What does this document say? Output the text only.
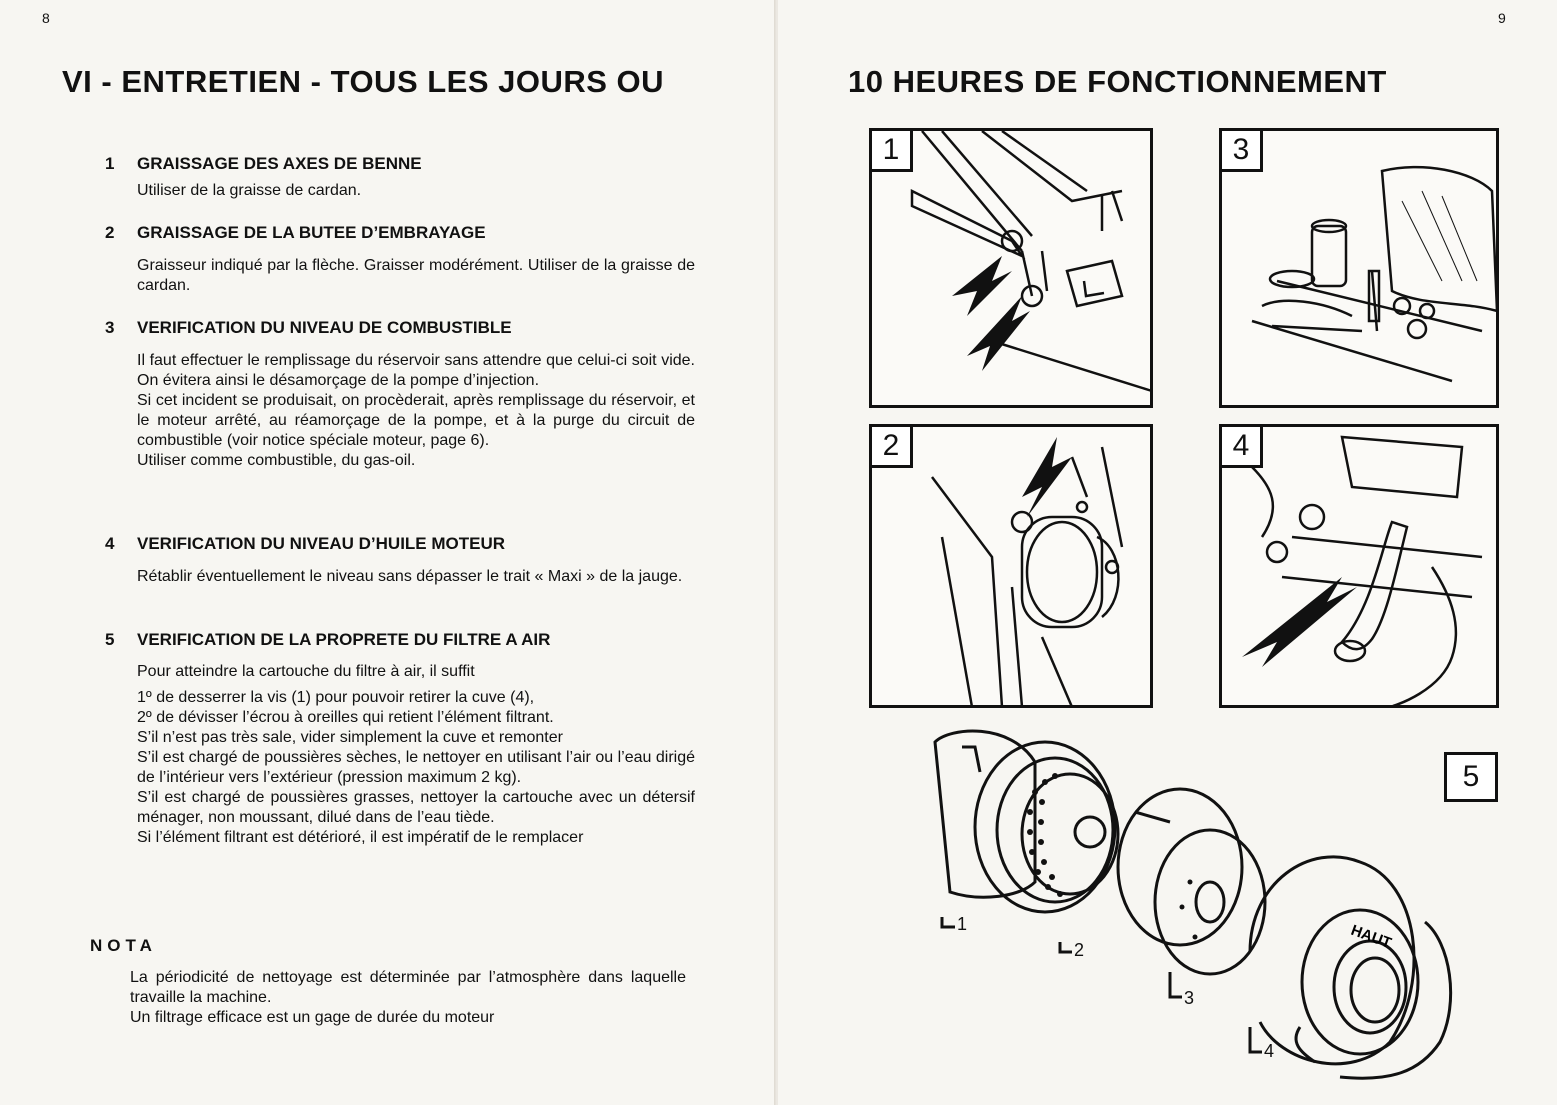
8
VI - ENTRETIEN - TOUS LES JOURS OU
1 GRAISSAGE DES AXES DE BENNE

Utiliser de la graisse de cardan.

2 GRAISSAGE DE LA BUTEE D’EMBRAYAGE

Graisseur indiqué par la flèche. Graisser modérément. Utiliser de la graisse de cardan.

3 VERIFICATION DU NIVEAU DE COMBUSTIBLE

Il faut effectuer le remplissage du réservoir sans attendre que celui-ci soit vide. On évitera ainsi le désamorçage de la pompe d’injection.

Si cet incident se produisait, on procèderait, après remplissage du réservoir, et le moteur arrêté, au réamorçage de la pompe, et à la purge du circuit de combustible (voir notice spéciale moteur, page 6).

Utiliser comme combustible, du gas-oil.

4 VERIFICATION DU NIVEAU D’HUILE MOTEUR

Rétablir éventuellement le niveau sans dépasser le trait « Maxi » de la jauge.

5 VERIFICATION DE LA PROPRETE DU FILTRE A AIR

Pour atteindre la cartouche du filtre à air, il suffit

1º de desserrer la vis (1) pour pouvoir retirer la cuve (4),

2º de dévisser l’écrou à oreilles qui retient l’élément filtrant.

S’il n’est pas très sale, vider simplement la cuve et remonter

S’il est chargé de poussières sèches, le nettoyer en utilisant l’air ou l’eau dirigé de l’intérieur vers l’extérieur (pression maximum 2 kg).

S’il est chargé de poussières grasses, nettoyer la cartouche avec un détersif ménager, non moussant, dilué dans de l’eau tiède.

Si l’élément filtrant est détérioré, il est impératif de le remplacer

NOTA

La périodicité de nettoyage est déterminée par l’atmosphère dans laquelle travaille la machine.

Un filtrage efficace est un gage de durée du moteur

9
10 HEURES DE FONCTIONNEMENT
1	3
2	4
5
HAUT
1
2
3
4
